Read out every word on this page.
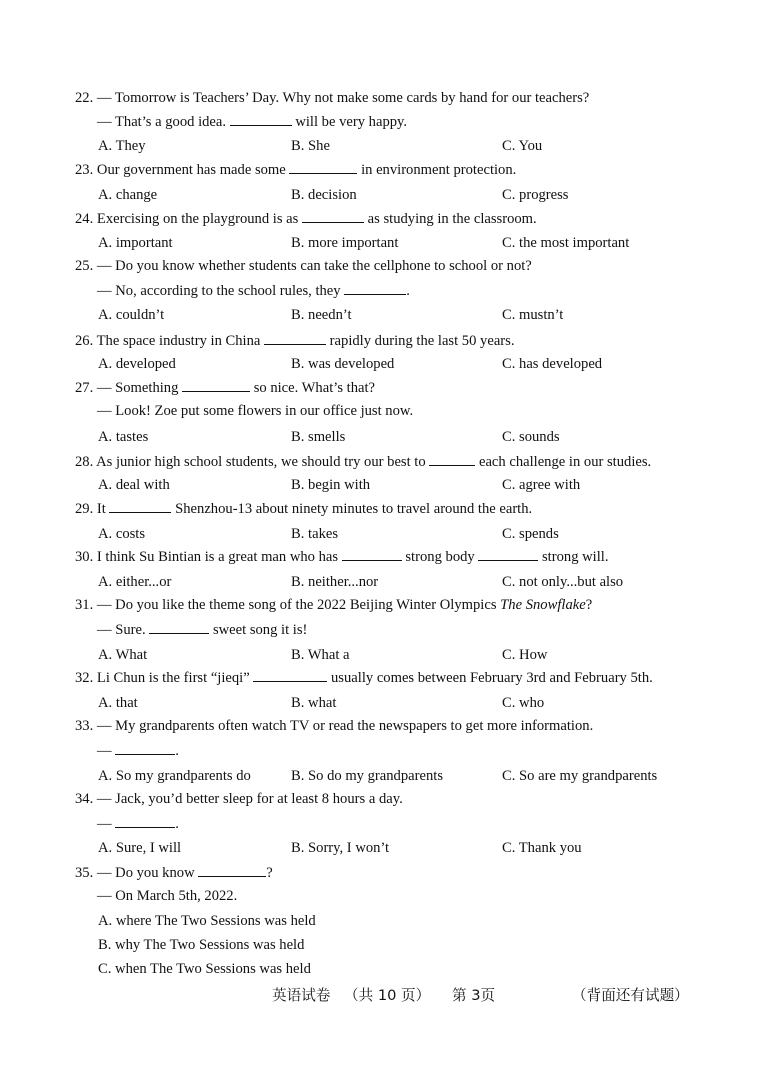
22. — Tomorrow is Teachers’ Day. Why not make some cards by hand for our teachers?
— That’s a good idea.	will be very happy.
A. They	B. She	C. You
23. Our government has made some	in environment protection.
A. change	B. decision	C. progress
24. Exercising on the playground is as	as studying in the classroom.
A. important	B. more important	C. the most important
25. — Do you know whether students can take the cellphone to school or not?
— No, according to the school rules, they	.
A. couldn’t	B. needn’t	C. mustn’t
26. The space industry in China	rapidly during the last 50 years.
A. developed	B. was developed	C. has developed
27. — Something	so nice. What’s that?
— Look! Zoe put some flowers in our office just now.
A. tastes	B. smells	C. sounds
28. As junior high school students, we should try our best to	each challenge in our studies.
A. deal with	B. begin with	C. agree with
29. It	Shenzhou-13 about ninety minutes to travel around the earth.
A. costs	B. takes	C. spends
30. I think Su Bintian is a great man who has	strong body	strong will.
A. either...or	B. neither...nor	C. not only...but also
31. — Do you like the theme song of the 2022 Beijing Winter Olympics The Snowflake?
— Sure.	sweet song it is!
A. What	B. What a	C. How
32. Li Chun is the first “jieqi”	usually comes between February 3rd and February 5th.
A. that	B. what	C. who
33. — My grandparents often watch TV or read the newspapers to get more information.
—	.
A. So my grandparents do	B. So do my grandparents	C. So are my grandparents
34. — Jack, you’d better sleep for at least 8 hours a day.
—	.
A. Sure, I will	B. Sorry, I won’t	C. Thank you
35. — Do you know	?
— On March 5th, 2022.
A. where The Two Sessions was held
B. why The Two Sessions was held
C. when The Two Sessions was held
英语试卷 （共 10 页） 第 3页	（背面还有试题）
